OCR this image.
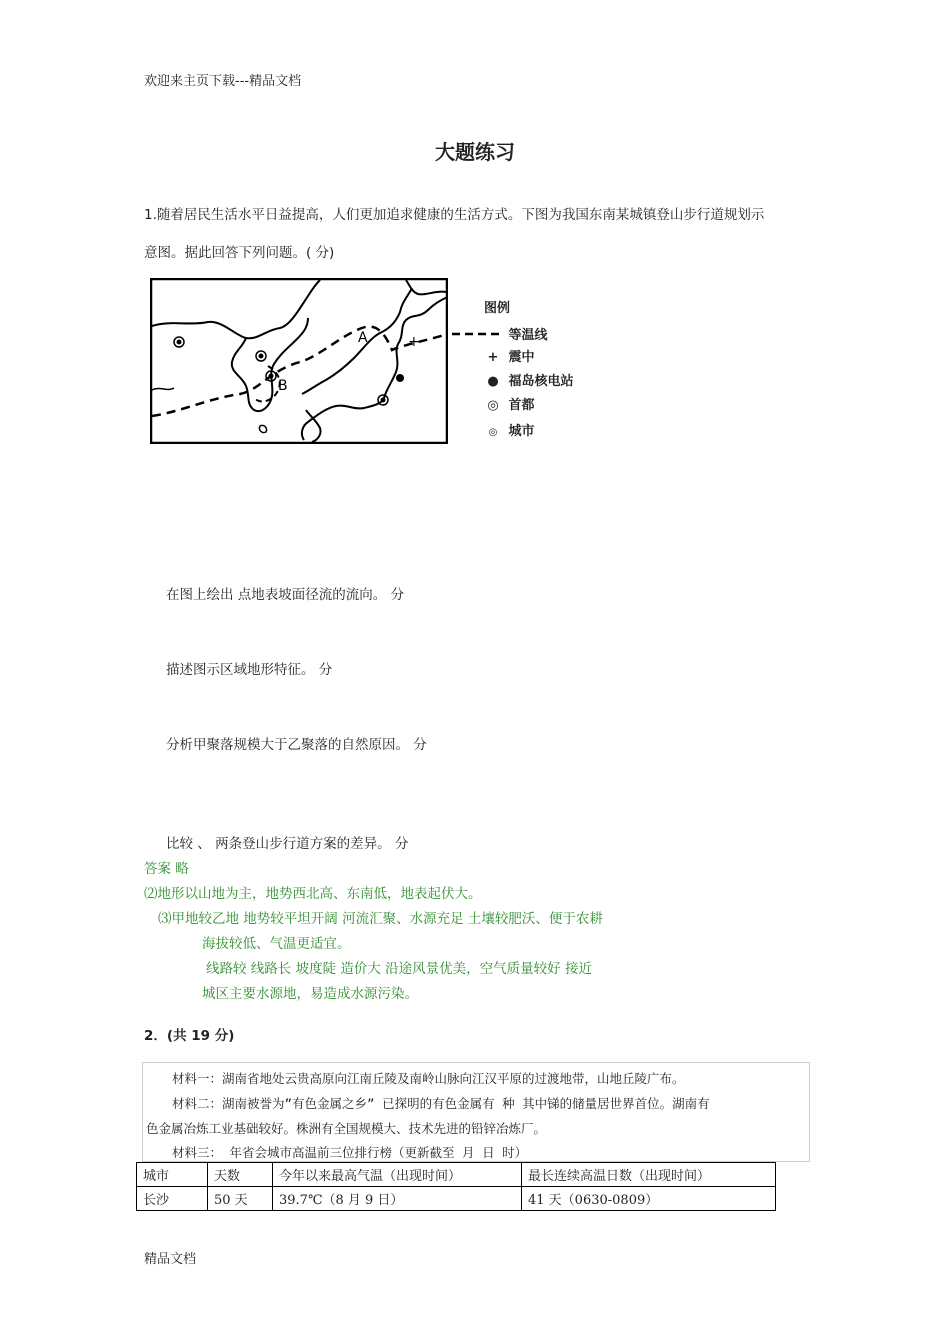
欢迎来主页下载---精品文档
大题练习
1.随着居民生活水平日益提高，人们更加追求健康的生活方式。下图为我国东南某城镇登山步行道规划示
意图。据此回答下列问题。( 分)
A
B
+
图例
等温线
+ 震中
● 福岛核电站
◎ 首都
◎ 城市
在图上绘出 点地表坡面径流的流向。 分
描述图示区域地形特征。 分
分析甲聚落规模大于乙聚落的自然原因。 分
比较 、 两条登山步行道方案的差异。 分
答案 略
⑵地形以山地为主，地势西北高、东南低，地表起伏大。
⑶甲地较乙地 地势较平坦开阔 河流汇聚、水源充足 土壤较肥沃、便于农耕
海拔较低、气温更适宜。
线路较 线路长 坡度陡 造价大 沿途风景优美，空气质量较好 接近
城区主要水源地，易造成水源污染。
2．(共 19 分)
材料一：湖南省地处云贵高原向江南丘陵及南岭山脉向江汉平原的过渡地带，山地丘陵广布。
材料二：湖南被誉为”有色金属之乡” 已探明的有色金属有 种 其中锑的储量居世界首位。湖南有
色金属冶炼工业基础较好。株洲有全国规模大、技术先进的铅锌冶炼厂。
材料三： 年省会城市高温前三位排行榜（更新截至 月 日 时）
城市	天数	今年以来最高气温（出现时间）	最长连续高温日数（出现时间）
长沙	50 天	39.7℃（8 月 9 日）	41 天（0630-0809）
精品文档
